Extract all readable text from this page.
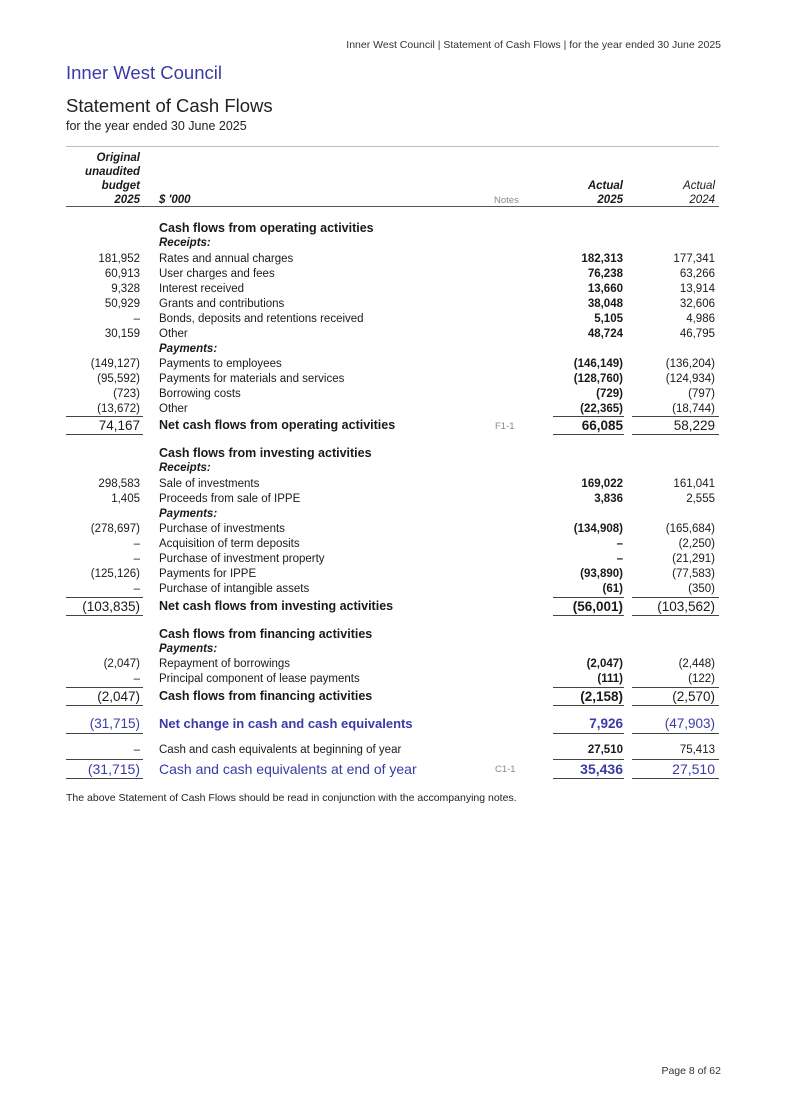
Inner West Council | Statement of Cash Flows | for the year ended 30 June 2025
Inner West Council
Statement of Cash Flows
for the year ended 30 June 2025
Original
unaudited
budget
2025 $ '000	Notes
Actual
2025
Actual
2024
Cash flows from operating activities
Receipts:
181,952 Rates and annual charges	182,313	177,341
60,913 User charges and fees	76,238	63,266
9,328 Interest received	13,660	13,914
50,929 Grants and contributions	38,048	32,606
– Bonds, deposits and retentions received	5,105	4,986
30,159 Other	48,724	46,795
Payments:
(149,127) Payments to employees	(146,149)	(136,204)
(95,592) Payments for materials and services	(128,760)	(124,934)
(723) Borrowing costs	(729)	(797)
(13,672) Other	(22,365)	(18,744)
74,167 Net cash flows from operating activities	F1-1	66,085	58,229
Cash flows from investing activities
Receipts:
298,583 Sale of investments	169,022	161,041
1,405 Proceeds from sale of IPPE	3,836	2,555
Payments:
(278,697) Purchase of investments	(134,908)	(165,684)
– Acquisition of term deposits	–	(2,250)
– Purchase of investment property	–	(21,291)
(125,126) Payments for IPPE	(93,890)	(77,583)
– Purchase of intangible assets	(61)	(350)
(103,835) Net cash flows from investing activities	(56,001)	(103,562)
Cash flows from financing activities
Payments:
(2,047) Repayment of borrowings	(2,047)	(2,448)
– Principal component of lease payments	(111)	(122)
(2,047) Cash flows from financing activities	(2,158)	(2,570)
(31,715) Net change in cash and cash equivalents	7,926	(47,903)
– Cash and cash equivalents at beginning of year	27,510	75,413
(31,715) Cash and cash equivalents at end of year	C1-1	35,436	27,510
The above Statement of Cash Flows should be read in conjunction with the accompanying notes.
Page 8 of 62
